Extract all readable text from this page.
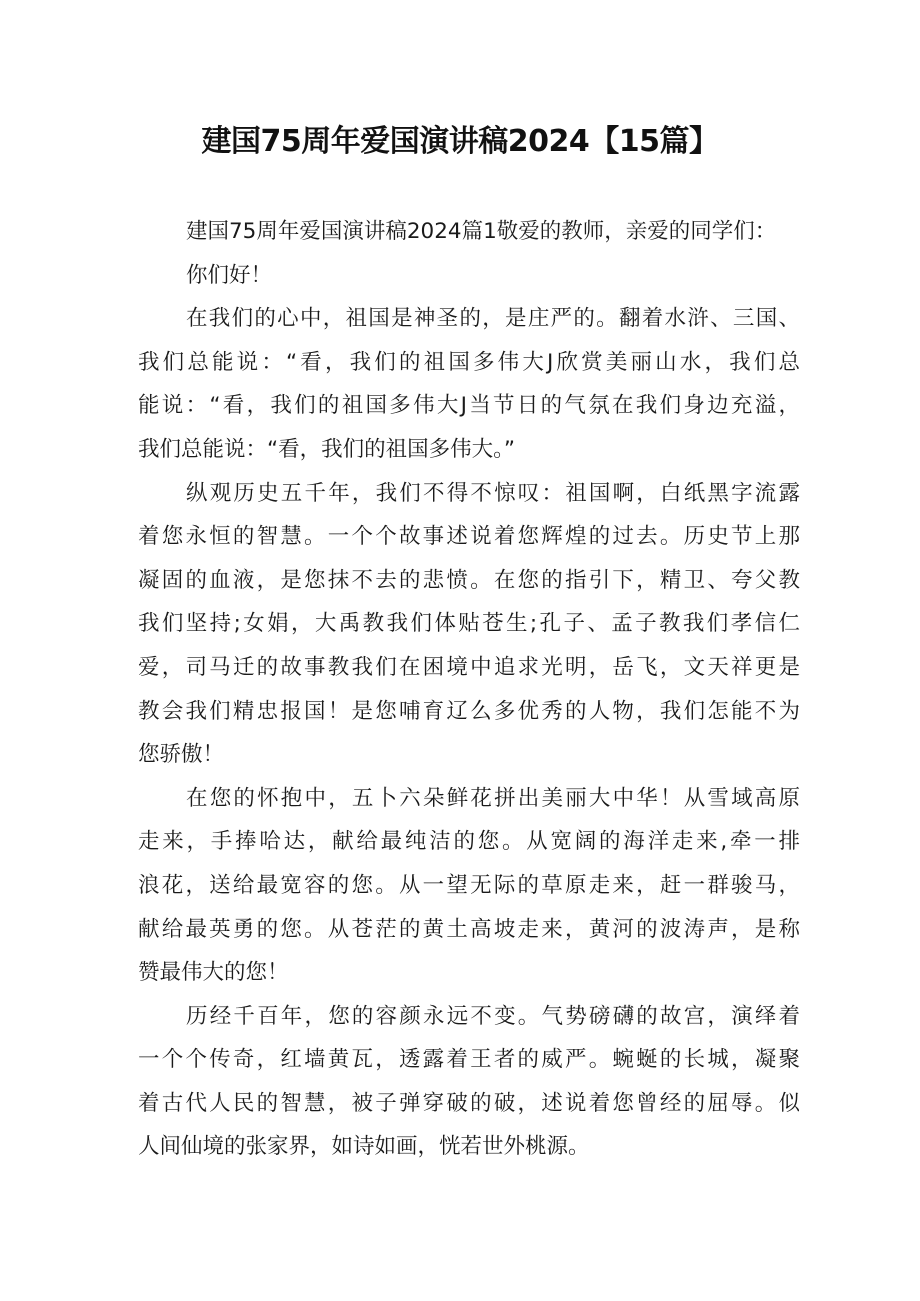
建国75周年爱国演讲稿2024【15篇】
建国75周年爱国演讲稿2024篇1敬爱的教师，亲爱的同学们：
你们好！
在我们的心中，祖国是神圣的，是庄严的。翻着水浒、三国、
我们总能说：“看，我们的祖国多伟大J欣赏美丽山水，我们总
能说：“看，我们的祖国多伟大J当节日的气氛在我们身边充溢，
我们总能说：“看，我们的祖国多伟大。”
纵观历史五千年，我们不得不惊叹：祖国啊，白纸黑字流露
着您永恒的智慧。一个个故事述说着您辉煌的过去。历史节上那
凝固的血液，是您抹不去的悲愤。在您的指引下，精卫、夸父教
我们坚持;女娟，大禹教我们体贴苍生;孔子、孟子教我们孝信仁
爱，司马迁的故事教我们在困境中追求光明，岳飞，文天祥更是
教会我们精忠报国！是您哺育辽么多优秀的人物，我们怎能不为
您骄傲！
在您的怀抱中，五卜六朵鲜花拼出美丽大中华！从雪域高原
走来，手捧哈达，献给最纯洁的您。从宽阔的海洋走来,牵一排
浪花，送给最宽容的您。从一望无际的草原走来，赶一群骏马，
献给最英勇的您。从苍茫的黄土高坡走来，黄河的波涛声，是称
赞最伟大的您！
历经千百年，您的容颜永远不变。气势磅礴的故宫，演绎着
一个个传奇，红墙黄瓦，透露着王者的威严。蜿蜒的长城，凝聚
着古代人民的智慧，被子弹穿破的破，述说着您曾经的屈辱。似
人间仙境的张家界，如诗如画，恍若世外桃源。
